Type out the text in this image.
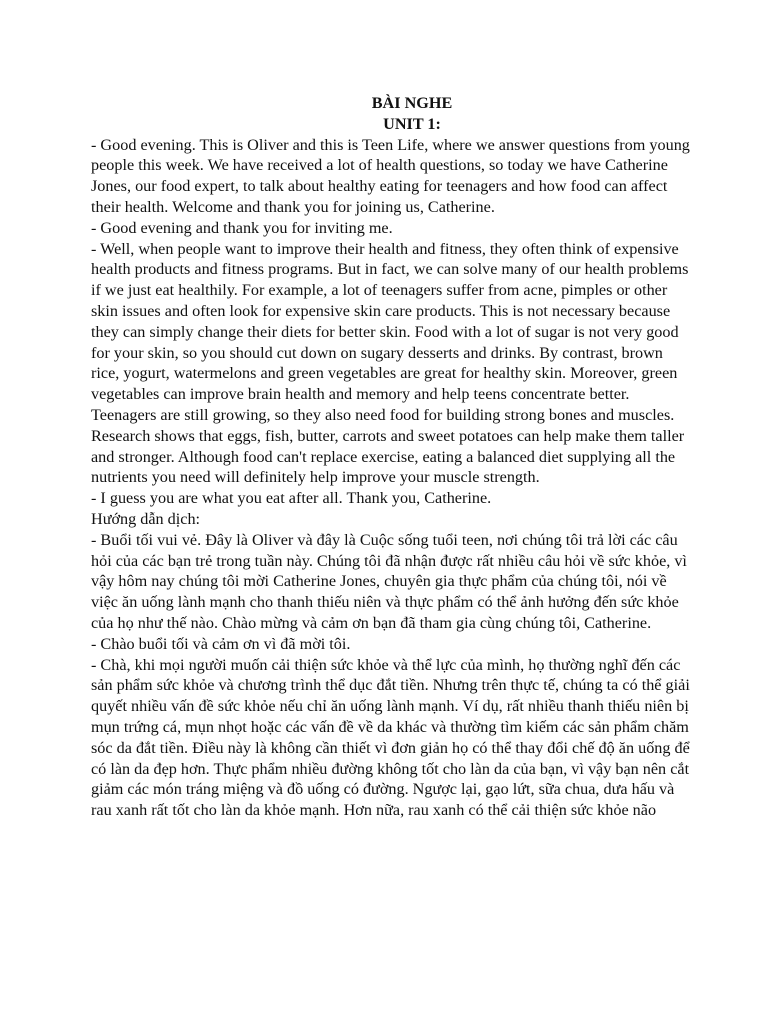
BÀI NGHE

UNIT 1:

- Good evening. This is Oliver and this is Teen Life, where we answer questions from young people this week. We have received a lot of health questions, so today we have Catherine Jones, our food expert, to talk about healthy eating for teenagers and how food can affect their health. Welcome and thank you for joining us, Catherine.

- Good evening and thank you for inviting me.

- Well, when people want to improve their health and fitness, they often think of expensive health products and fitness programs. But in fact, we can solve many of our health problems if we just eat healthily. For example, a lot of teenagers suffer from acne, pimples or other skin issues and often look for expensive skin care products. This is not necessary because they can simply change their diets for better skin. Food with a lot of sugar is not very good for your skin, so you should cut down on sugary desserts and drinks. By contrast, brown rice, yogurt, watermelons and green vegetables are great for healthy skin. Moreover, green vegetables can improve brain health and memory and help teens concentrate better. Teenagers are still growing, so they also need food for building strong bones and muscles. Research shows that eggs, fish, butter, carrots and sweet potatoes can help make them taller and stronger. Although food can't replace exercise, eating a balanced diet supplying all the nutrients you need will definitely help improve your muscle strength.

- I guess you are what you eat after all. Thank you, Catherine.

Hướng dẫn dịch:

- Buổi tối vui vẻ. Đây là Oliver và đây là Cuộc sống tuổi teen, nơi chúng tôi trả lời các câu hỏi của các bạn trẻ trong tuần này. Chúng tôi đã nhận được rất nhiều câu hỏi về sức khỏe, vì vậy hôm nay chúng tôi mời Catherine Jones, chuyên gia thực phẩm của chúng tôi, nói về việc ăn uống lành mạnh cho thanh thiếu niên và thực phẩm có thể ảnh hưởng đến sức khỏe của họ như thế nào. Chào mừng và cảm ơn bạn đã tham gia cùng chúng tôi, Catherine.

- Chào buổi tối và cảm ơn vì đã mời tôi.

- Chà, khi mọi người muốn cải thiện sức khỏe và thể lực của mình, họ thường nghĩ đến các sản phẩm sức khỏe và chương trình thể dục đắt tiền. Nhưng trên thực tế, chúng ta có thể giải quyết nhiều vấn đề sức khỏe nếu chỉ ăn uống lành mạnh. Ví dụ, rất nhiều thanh thiếu niên bị mụn trứng cá, mụn nhọt hoặc các vấn đề về da khác và thường tìm kiếm các sản phẩm chăm sóc da đắt tiền. Điều này là không cần thiết vì đơn giản họ có thể thay đổi chế độ ăn uống để có làn da đẹp hơn. Thực phẩm nhiều đường không tốt cho làn da của bạn, vì vậy bạn nên cắt giảm các món tráng miệng và đồ uống có đường. Ngược lại, gạo lứt, sữa chua, dưa hấu và rau xanh rất tốt cho làn da khỏe mạnh. Hơn nữa, rau xanh có thể cải thiện sức khỏe não
